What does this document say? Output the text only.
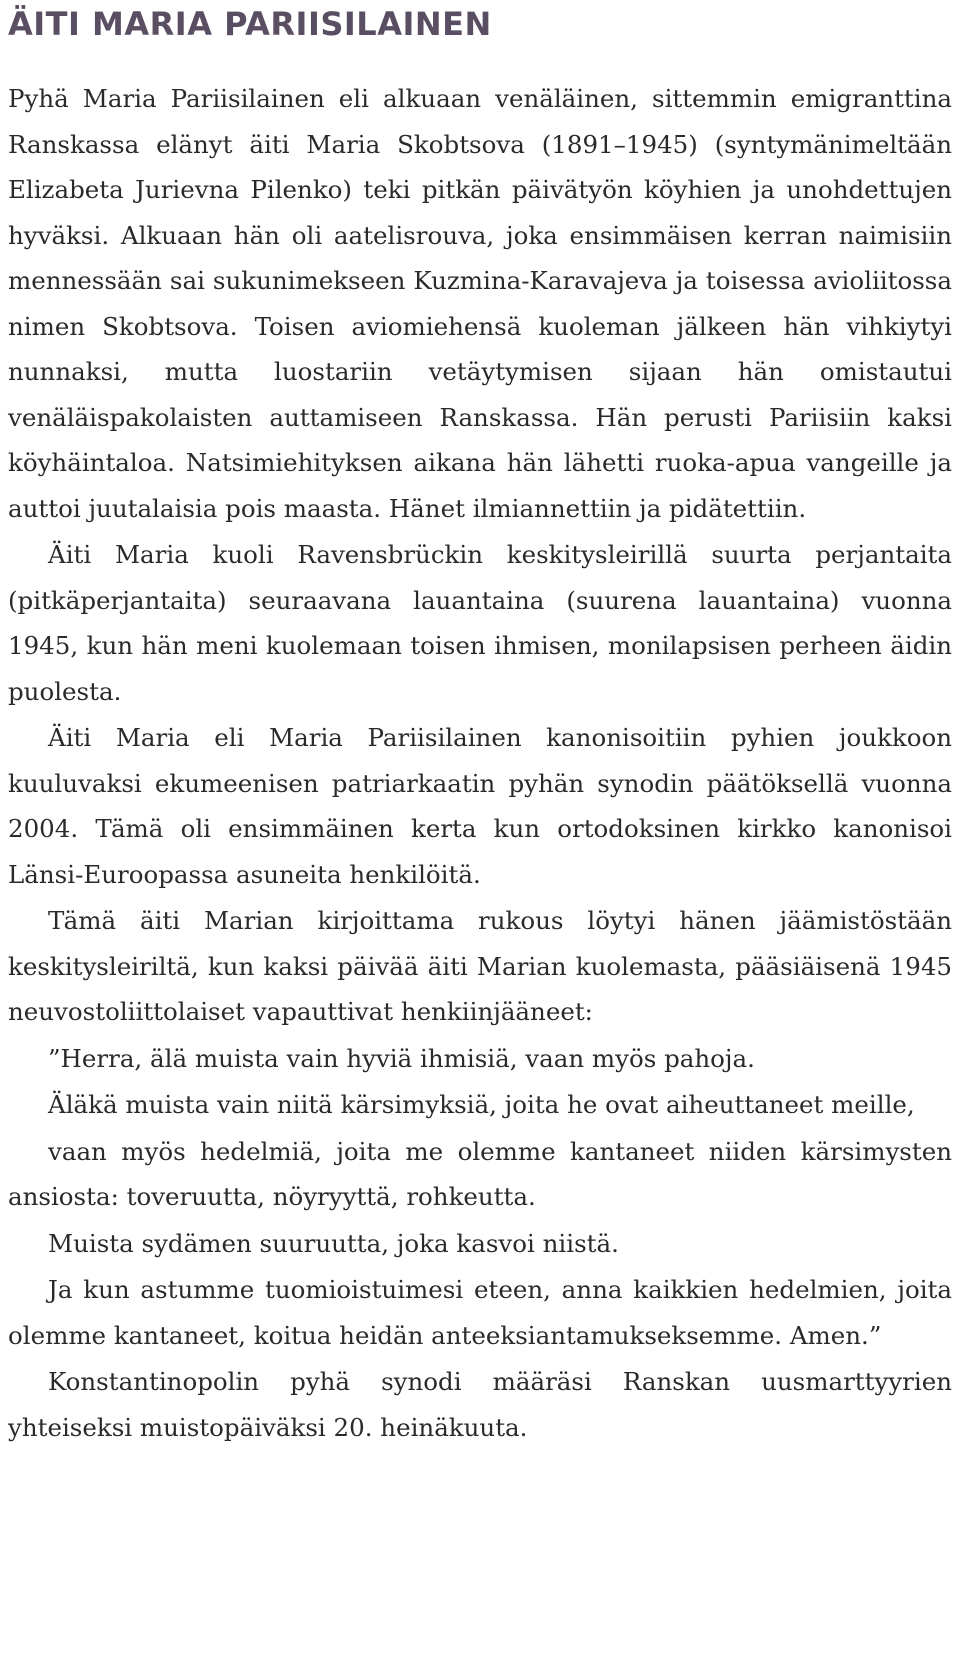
ÄITI MARIA PARIISILAINEN

Pyhä Maria Pariisilainen eli alkuaan venäläinen, sittemmin emigranttina Ranskassa elänyt äiti Maria Skobtsova (1891–1945) (syntymänimeltään Elizabeta Jurievna Pilenko) teki pitkän päivätyön köyhien ja unohdettujen hyväksi. Alkuaan hän oli aatelisrouva, joka ensimmäisen kerran naimisiin mennessään sai sukunimekseen Kuzmina-Karavajeva ja toisessa avioliitossa nimen Skobtsova. Toisen aviomiehensä kuoleman jälkeen hän vihkiytyi nunnaksi, mutta luostariin vetäytymisen sijaan hän omistautui venäläispakolaisten auttamiseen Ranskassa. Hän perusti Pariisiin kaksi köyhäintaloa. Natsimiehityksen aikana hän lähetti ruoka-apua vangeille ja auttoi juutalaisia pois maasta. Hänet ilmiannettiin ja pidätettiin.

Äiti Maria kuoli Ravensbrückin keskitysleirillä suurta perjantaita (pitkäperjantaita) seuraavana lauantaina (suurena lauantaina) vuonna 1945, kun hän meni kuolemaan toisen ihmisen, monilapsisen perheen äidin puolesta.

Äiti Maria eli Maria Pariisilainen kanonisoitiin pyhien joukkoon kuuluvaksi ekumeenisen patriarkaatin pyhän synodin päätöksellä vuonna 2004. Tämä oli ensimmäinen kerta kun ortodoksinen kirkko kanonisoi Länsi-Euroopassa asuneita henkilöitä.

Tämä äiti Marian kirjoittama rukous löytyi hänen jäämistöstään keskitysleiriltä, kun kaksi päivää äiti Marian kuolemasta, pääsiäisenä 1945 neuvostoliittolaiset vapauttivat henkiinjääneet:

”Herra, älä muista vain hyviä ihmisiä, vaan myös pahoja.

Äläkä muista vain niitä kärsimyksiä, joita he ovat aiheuttaneet meille,

vaan myös hedelmiä, joita me olemme kantaneet niiden kärsimysten ansiosta: toveruutta, nöyryyttä, rohkeutta.

Muista sydämen suuruutta, joka kasvoi niistä.

Ja kun astumme tuomioistuimesi eteen, anna kaikkien hedelmien, joita olemme kantaneet, koitua heidän anteeksiantamukseksemme. Amen.”

Konstantinopolin pyhä synodi määräsi Ranskan uusmarttyyrien yhteiseksi muistopäiväksi 20. heinäkuuta.
